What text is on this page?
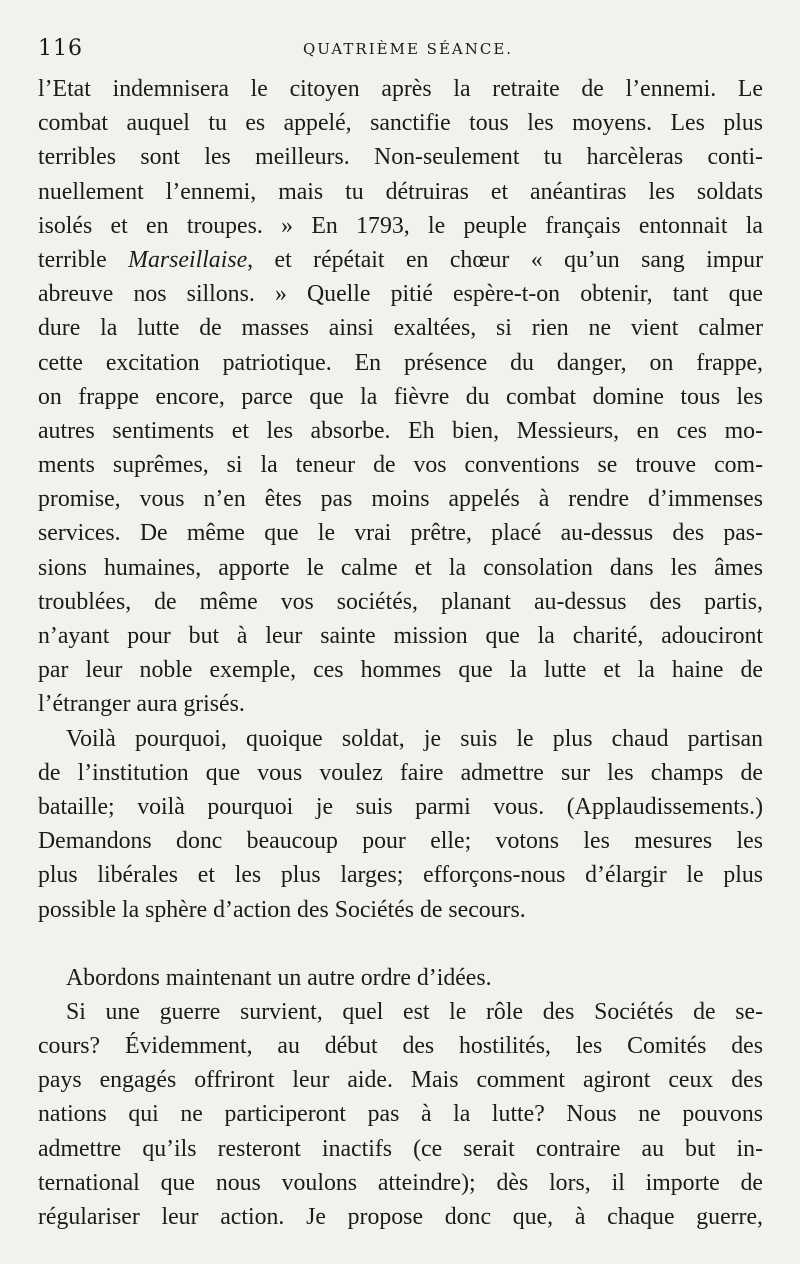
116	QUATRIÈME SÉANCE.
l’Etat indemnisera le citoyen après la retraite de l’ennemi. Le
combat auquel tu es appelé, sanctifie tous les moyens. Les plus
terribles sont les meilleurs. Non-seulement tu harcèleras conti-
nuellement l’ennemi, mais tu détruiras et anéantiras les soldats
isolés et en troupes. » En 1793, le peuple français entonnait la
terrible Marseillaise, et répétait en chœur « qu’un sang impur
abreuve nos sillons. » Quelle pitié espère-t-on obtenir, tant que
dure la lutte de masses ainsi exaltées, si rien ne vient calmer
cette excitation patriotique. En présence du danger, on frappe,
on frappe encore, parce que la fièvre du combat domine tous les
autres sentiments et les absorbe. Eh bien, Messieurs, en ces mo-
ments suprêmes, si la teneur de vos conventions se trouve com-
promise, vous n’en êtes pas moins appelés à rendre d’immenses
services. De même que le vrai prêtre, placé au-dessus des pas-
sions humaines, apporte le calme et la consolation dans les âmes
troublées, de même vos sociétés, planant au-dessus des partis,
n’ayant pour but à leur sainte mission que la charité, adouciront
par leur noble exemple, ces hommes que la lutte et la haine de
l’étranger aura grisés.
Voilà pourquoi, quoique soldat, je suis le plus chaud partisan
de l’institution que vous voulez faire admettre sur les champs de
bataille; voilà pourquoi je suis parmi vous. (Applaudissements.)
Demandons donc beaucoup pour elle; votons les mesures les
plus libérales et les plus larges; efforçons-nous d’élargir le plus
possible la sphère d’action des Sociétés de secours.
Abordons maintenant un autre ordre d’idées.
Si une guerre survient, quel est le rôle des Sociétés de se-
cours? Évidemment, au début des hostilités, les Comités des
pays engagés offriront leur aide. Mais comment agiront ceux des
nations qui ne participeront pas à la lutte? Nous ne pouvons
admettre qu’ils resteront inactifs (ce serait contraire au but in-
ternational que nous voulons atteindre); dès lors, il importe de
régulariser leur action. Je propose donc que, à chaque guerre,
